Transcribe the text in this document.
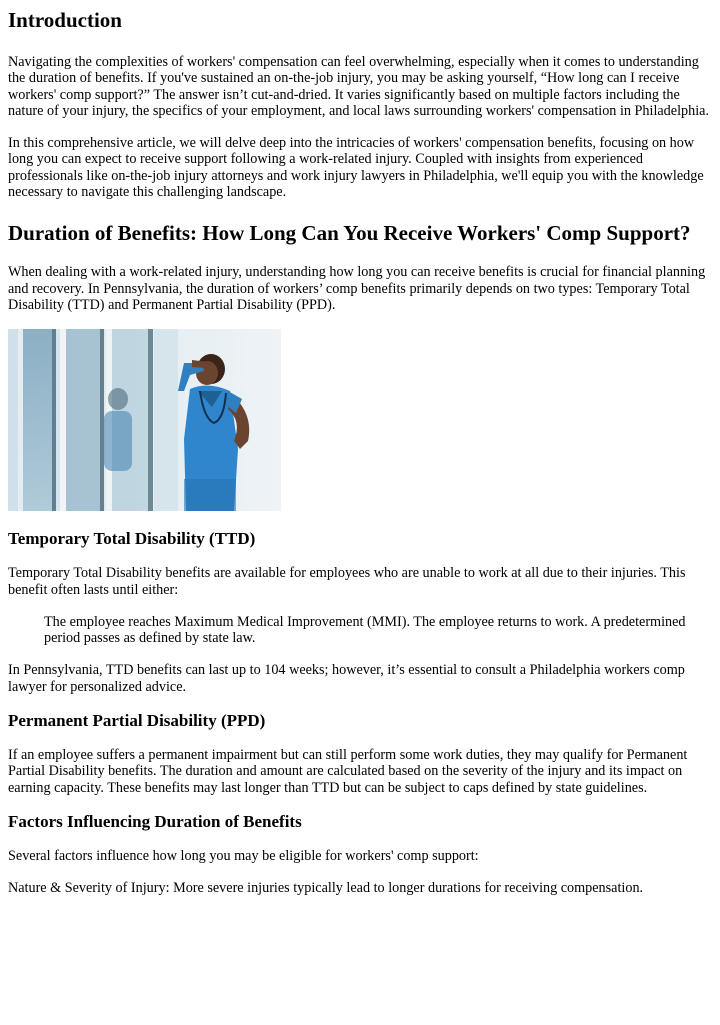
Introduction

Navigating the complexities of workers' compensation can feel overwhelming, especially when it comes to understanding the duration of benefits. If you've sustained an on-the-job injury, you may be asking yourself, “How long can I receive workers' comp support?” The answer isn’t cut-and-dried. It varies significantly based on multiple factors including the nature of your injury, the specifics of your employment, and local laws surrounding workers' compensation in Philadelphia.

In this comprehensive article, we will delve deep into the intricacies of workers' compensation benefits, focusing on how long you can expect to receive support following a work-related injury. Coupled with insights from experienced professionals like on-the-job injury attorneys and work injury lawyers in Philadelphia, we'll equip you with the knowledge necessary to navigate this challenging landscape.

Duration of Benefits: How Long Can You Receive Workers' Comp Support?

When dealing with a work-related injury, understanding how long you can receive benefits is crucial for financial planning and recovery. In Pennsylvania, the duration of workers’ comp benefits primarily depends on two types: Temporary Total Disability (TTD) and Permanent Partial Disability (PPD).

Temporary Total Disability (TTD)

Temporary Total Disability benefits are available for employees who are unable to work at all due to their injuries. This benefit often lasts until either:

The employee reaches Maximum Medical Improvement (MMI). The employee returns to work. A predetermined period passes as defined by state law.

In Pennsylvania, TTD benefits can last up to 104 weeks; however, it’s essential to consult a Philadelphia workers comp lawyer for personalized advice.

Permanent Partial Disability (PPD)

If an employee suffers a permanent impairment but can still perform some work duties, they may qualify for Permanent Partial Disability benefits. The duration and amount are calculated based on the severity of the injury and its impact on earning capacity. These benefits may last longer than TTD but can be subject to caps defined by state guidelines.

Factors Influencing Duration of Benefits

Several factors influence how long you may be eligible for workers' comp support:

Nature & Severity of Injury: More severe injuries typically lead to longer durations for receiving compensation.
